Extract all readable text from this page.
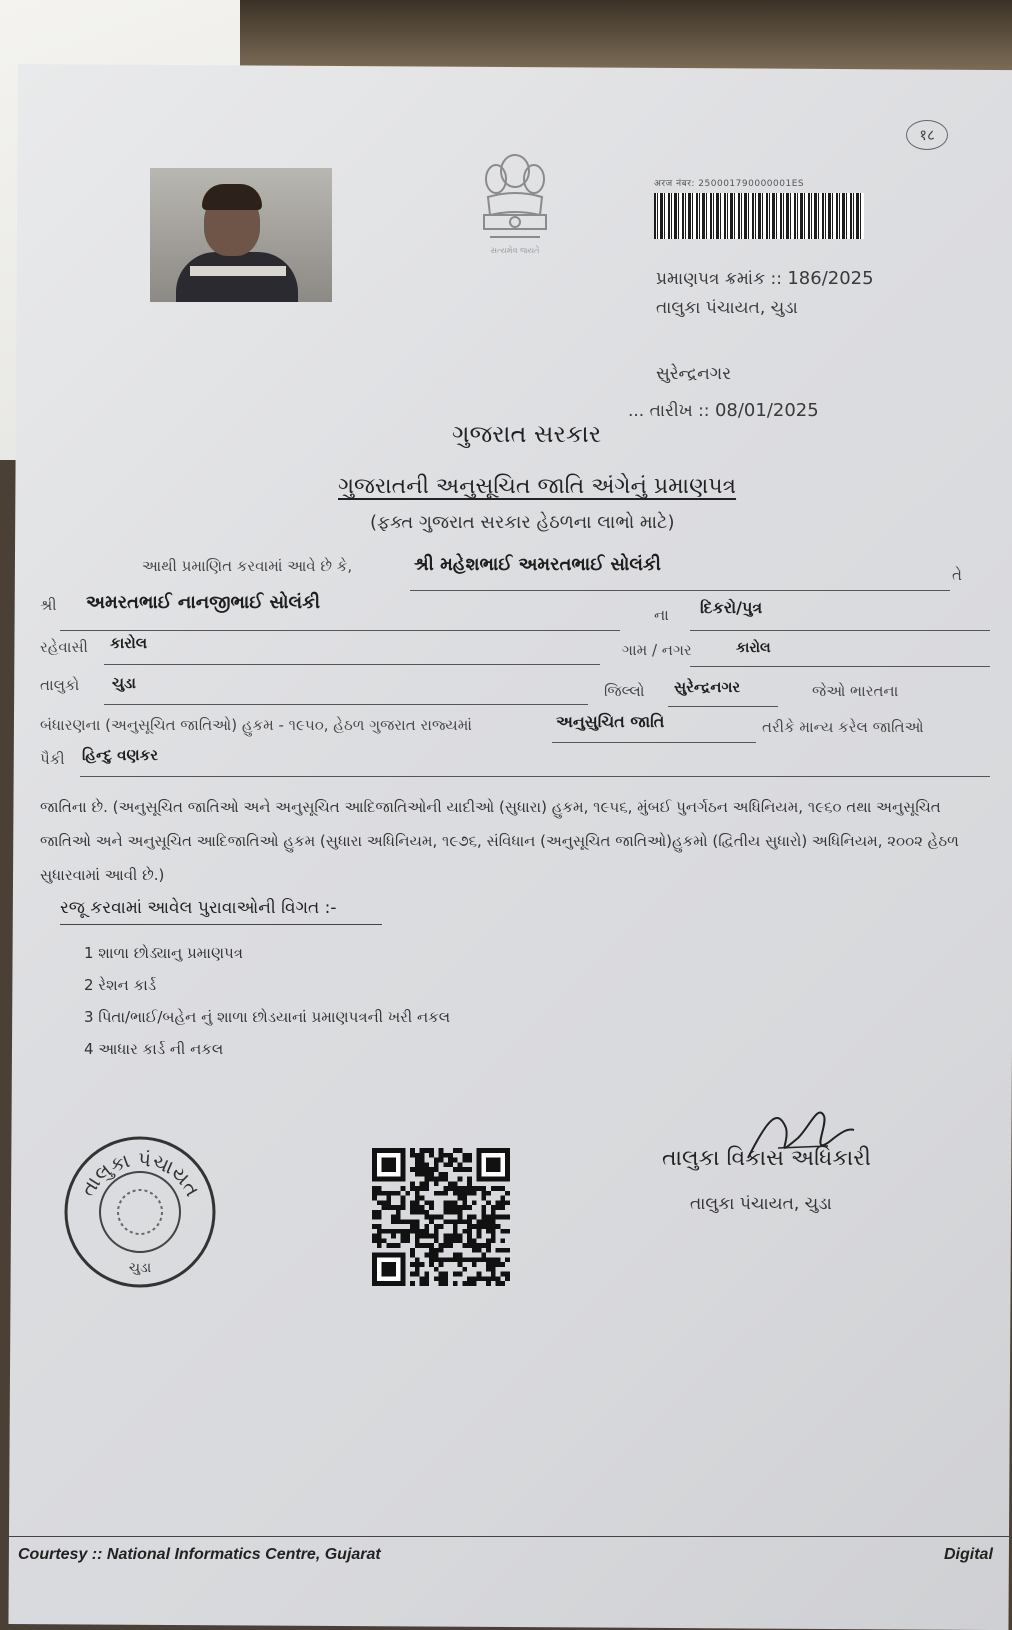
१८
સત્યમેવ જયતે
अरज नंबर: 250001790000001ES
પ્રમાણપત્ર ક્રમાંક :: 186/2025
તાલુકા પંચાયત, ચુડા
સુરેન્દ્રનગર
... તારીખ :: 08/01/2025
ગુજરાત સરકાર
ગુજરાતની અનુસૂચિત જાતિ અંગેનું પ્રમાણપત્ર
(ફક્ત ગુજરાત સરકાર હેઠળના લાભો માટે)
આથી પ્રમાણિત કરવામાં આવે છે કે,	શ્રી મહેશભાઈ અમરતભાઈ સોલંકી	તે
શ્રી અમરતભાઈ નાનજીભાઈ સોલંકી
ના દિકરો/પુત્ર
રહેવાસી કારોલ	ગામ / નગર	કારોલ
તાલુકો ચુડા	જિલ્લો સુરેન્દ્રનગર	જેઓ ભારતના
બંધારણના (અનુસૂચિત જાતિઓ) હુકમ - ૧૯૫૦, હેઠળ ગુજરાત રાજ્યમાં	અનુસુચિત જાતિ	તરીકે માન્ય કરેલ જાતિઓ
પૈકી હિન્દુ વણકર
જાતિના છે. (અનુસૂચિત જાતિઓ અને અનુસૂચિત આદિજાતિઓની યાદીઓ (સુધારા) હુકમ, ૧૯૫૬, મુંબઈ પુનર્ગઠન અધિનિયમ, ૧૯૬૦ તથા અનુસૂચિત જાતિઓ અને અનુસૂચિત આદિજાતિઓ હુકમ (સુધારા અધિનિયમ, ૧૯૭૬, સંવિધાન (અનુસૂચિત જાતિઓ)હુકમો (દ્વિતીય સુધારો) અધિનિયમ, ૨૦૦૨ હેઠળ સુધારવામાં આવી છે.)
રજૂ કરવામાં આવેલ પુરાવાઓની વિગત :-
1 શાળા છોડ્યાનુ પ્રમાણપત્ર
2 રેશન કાર્ડ
3 પિતા/ભાઈ/બહેન નું શાળા છોડયાનાં પ્રમાણપત્રની ખરી નકલ
4 આધાર કાર્ડ ની નકલ
તાલુકા પંચાયત
ચુડા
તાલુકા વિકાસ અધિકારી
તાલુકા પંચાયત, ચુડા
Courtesy :: National Informatics Centre, Gujarat	Digital
